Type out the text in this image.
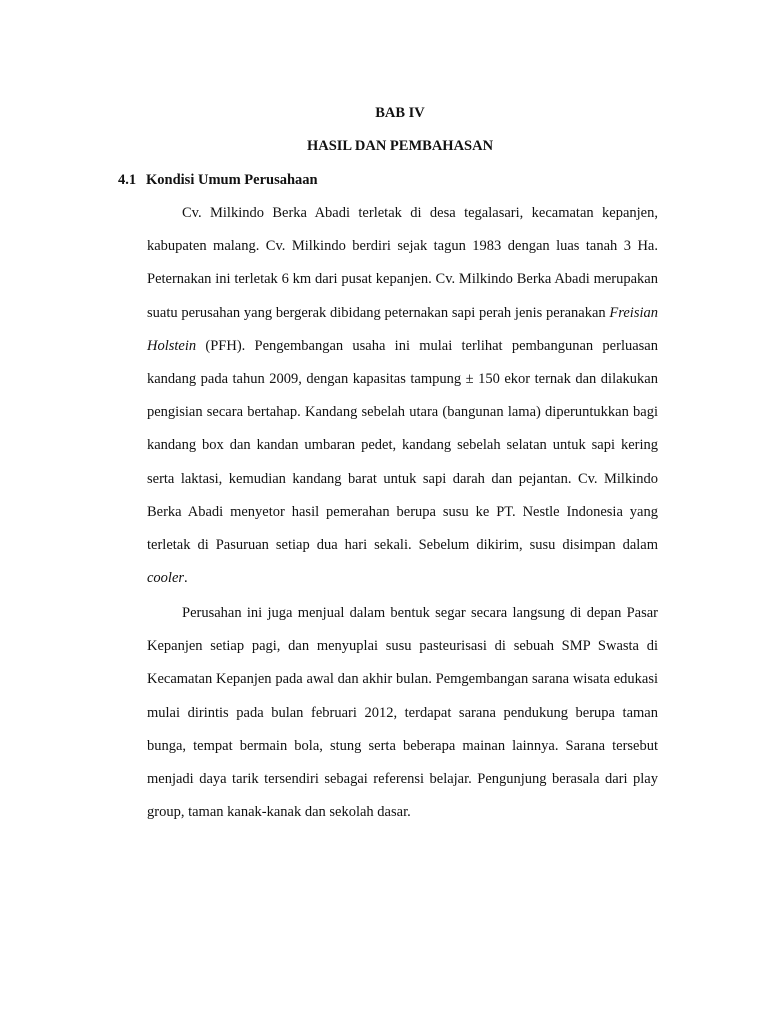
BAB IV

HASIL DAN PEMBAHASAN

4.1 Kondisi Umum Perusahaan

Cv. Milkindo Berka Abadi terletak di desa tegalasari, kecamatan kepanjen, kabupaten malang. Cv. Milkindo berdiri sejak tagun 1983 dengan luas tanah 3 Ha. Peternakan ini terletak 6 km dari pusat kepanjen. Cv. Milkindo Berka Abadi merupakan suatu perusahan yang bergerak dibidang peternakan sapi perah jenis peranakan Freisian Holstein (PFH). Pengembangan usaha ini mulai terlihat pembangunan perluasan kandang pada tahun 2009, dengan kapasitas tampung ± 150 ekor ternak dan dilakukan pengisian secara bertahap. Kandang sebelah utara (bangunan lama) diperuntukkan bagi kandang box dan kandan umbaran pedet, kandang sebelah selatan untuk sapi kering serta laktasi, kemudian kandang barat untuk sapi darah dan pejantan. Cv. Milkindo Berka Abadi menyetor hasil pemerahan berupa susu ke PT. Nestle Indonesia yang terletak di Pasuruan setiap dua hari sekali. Sebelum dikirim, susu disimpan dalam cooler.

Perusahan ini juga menjual dalam bentuk segar secara langsung di depan Pasar Kepanjen setiap pagi, dan menyuplai susu pasteurisasi di sebuah SMP Swasta di Kecamatan Kepanjen pada awal dan akhir bulan. Pemgembangan sarana wisata edukasi mulai dirintis pada bulan februari 2012, terdapat sarana pendukung berupa taman bunga, tempat bermain bola, stung serta beberapa mainan lainnya. Sarana tersebut menjadi daya tarik tersendiri sebagai referensi belajar. Pengunjung berasala dari play group, taman kanak-kanak dan sekolah dasar.
